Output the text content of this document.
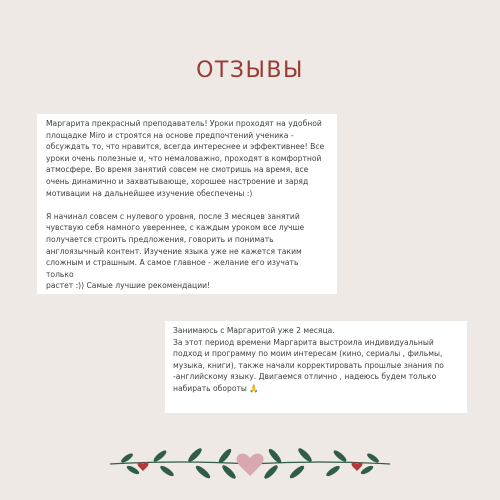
ОТЗЫВЫ

Маргарита прекрасный преподаватель! Уроки проходят на удобной

площадке Miro и строятся на основе предпочтений ученика -

обсуждать то, что нравится, всегда интереснее и эффективнее! Все

уроки очень полезные и, что немаловажно, проходят в комфортной

атмосфере. Во время занятий совсем не смотришь на время, все

очень динамично и захватывающе, хорошее настроение и заряд

мотивации на дальнейшее изучение обеспечены :)

Я начинал совсем с нулевого уровня, после 3 месяцев занятий

чувствую себя намного увереннее, с каждым уроком все лучше

получается строить предложения, говорить и понимать

англоязычный контент. Изучение языка уже не кажется таким

сложным и страшным. А самое главное - желание его изучать только

растет :)) Самые лучшие рекомендации!

Занимаюсь с Маргаритой уже 2 месяца.

За этот период времени Маргарита выстроила индивидуальный

подход и программу по моим интересам (кино, сериалы , фильмы,

музыка, книги), также начали корректировать прошлые знания по

-английскому языку. Двигаемся отлично , надеюсь будем только

набирать обороты 🙏
